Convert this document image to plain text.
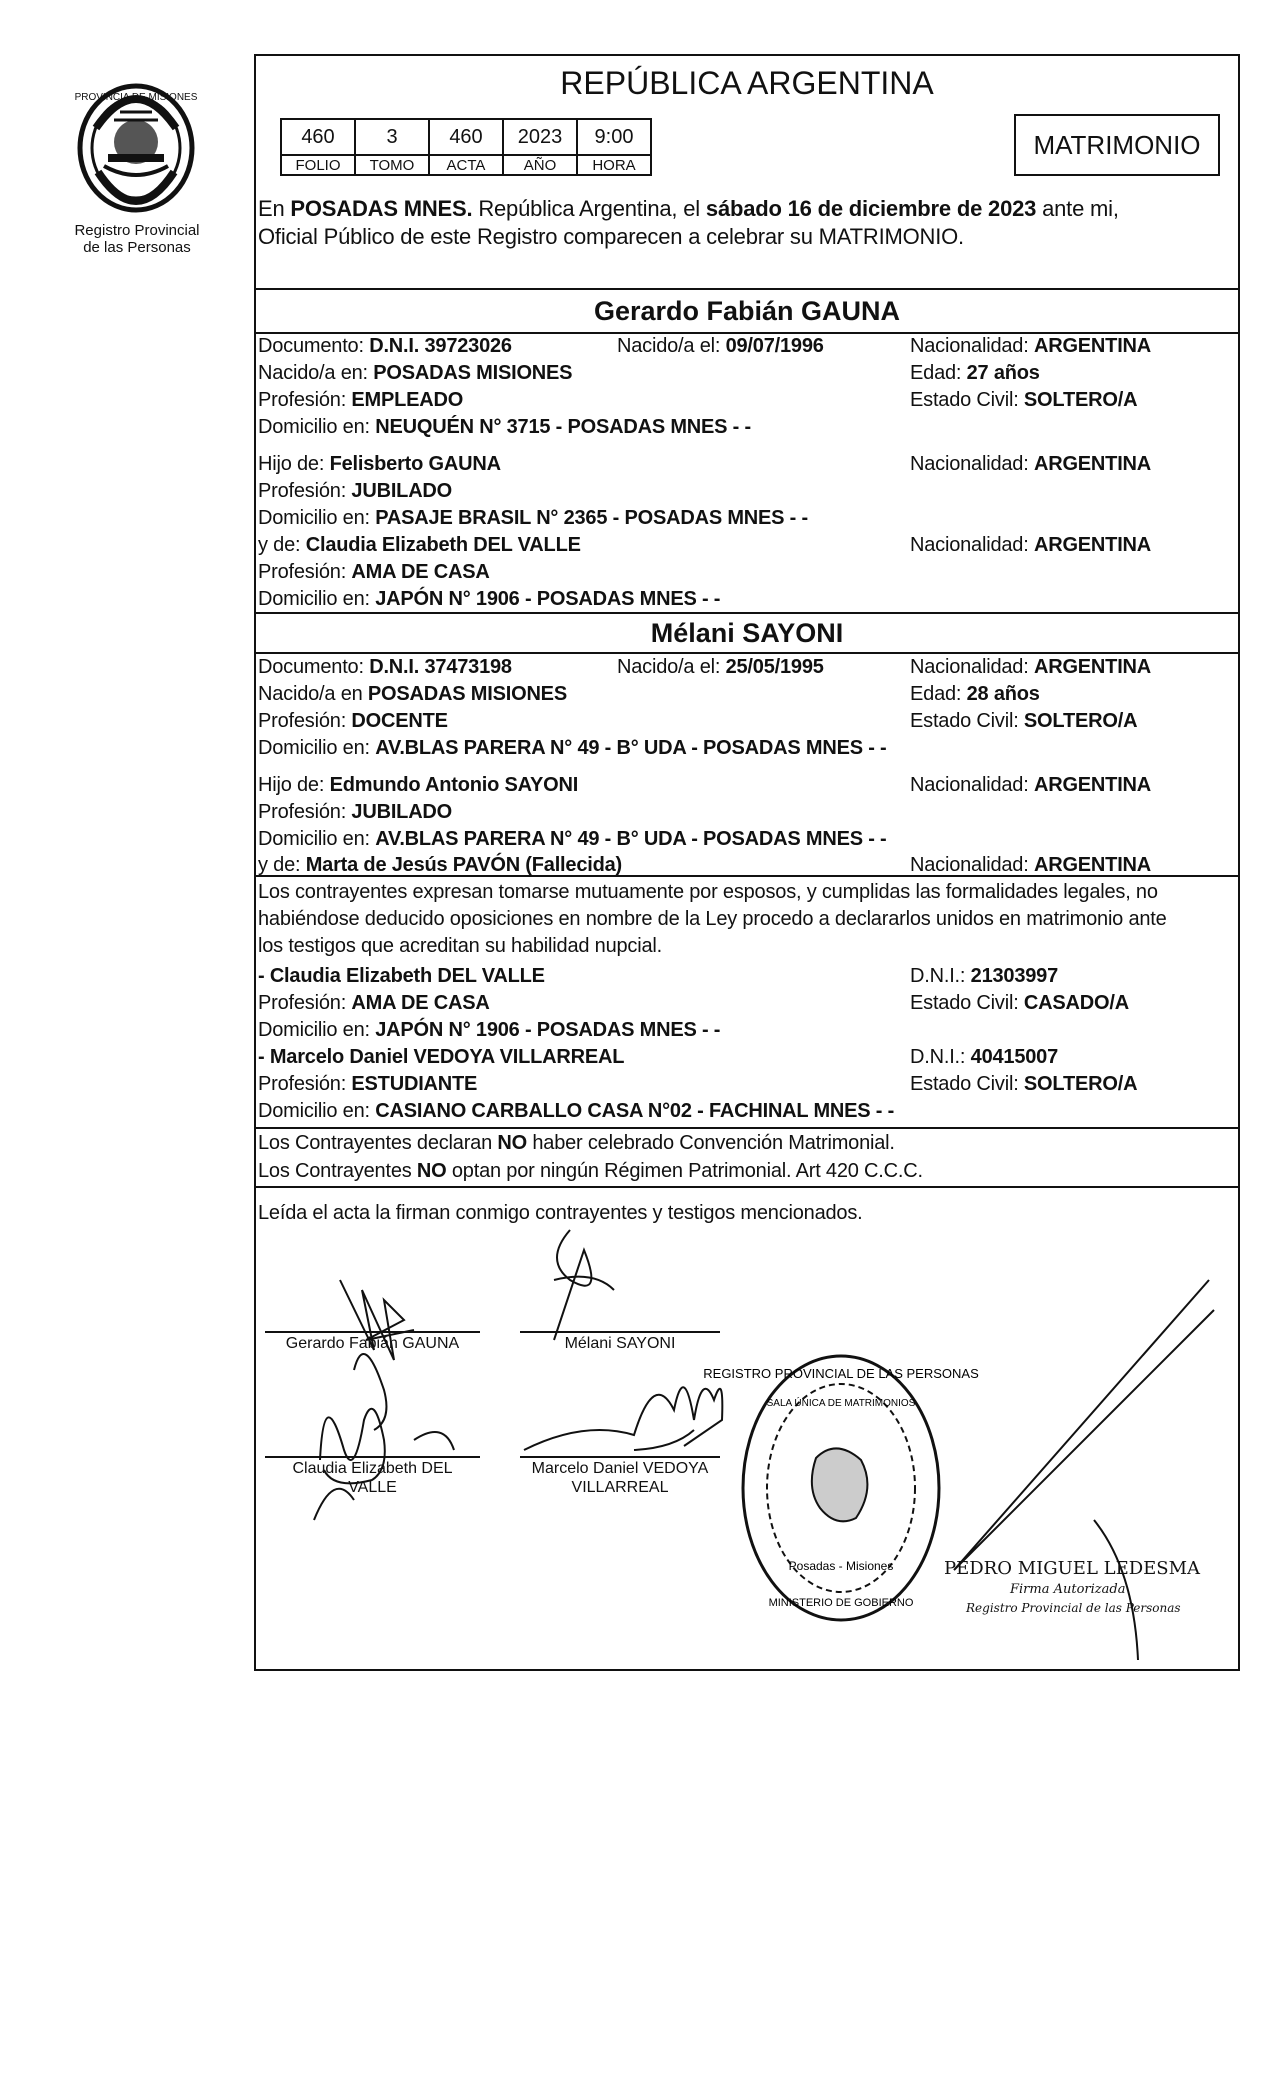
PROVINCIA DE MISIONES
Registro Provincial
de las Personas
REPÚBLICA ARGENTINA
460	3	460	2023	9:00
FOLIO	TOMO	ACTA	AÑO	HORA
MATRIMONIO
En POSADAS MNES. República Argentina, el sábado 16 de diciembre de 2023 ante mi,
Oficial Público de este Registro comparecen a celebrar su MATRIMONIO.
Gerardo Fabián GAUNA
Documento: D.N.I. 39723026	Nacido/a el: 09/07/1996	Nacionalidad: ARGENTINA
Nacido/a en: POSADAS MISIONES	Edad: 27 años
Profesión: EMPLEADO	Estado Civil: SOLTERO/A
Domicilio en: NEUQUÉN N° 3715 - POSADAS MNES - -
Hijo de: Felisberto GAUNA	Nacionalidad: ARGENTINA
Profesión: JUBILADO
Domicilio en: PASAJE BRASIL N° 2365 - POSADAS MNES - -
y de: Claudia Elizabeth DEL VALLE	Nacionalidad: ARGENTINA
Profesión: AMA DE CASA
Domicilio en: JAPÓN N° 1906 - POSADAS MNES - -
Mélani SAYONI
Documento: D.N.I. 37473198	Nacido/a el: 25/05/1995	Nacionalidad: ARGENTINA
Nacido/a en POSADAS MISIONES	Edad: 28 años
Profesión: DOCENTE	Estado Civil: SOLTERO/A
Domicilio en: AV.BLAS PARERA N° 49 - B° UDA - POSADAS MNES - -
Hijo de: Edmundo Antonio SAYONI	Nacionalidad: ARGENTINA
Profesión: JUBILADO
Domicilio en: AV.BLAS PARERA N° 49 - B° UDA - POSADAS MNES - -
y de: Marta de Jesús PAVÓN (Fallecida)	Nacionalidad: ARGENTINA
Los contrayentes expresan tomarse mutuamente por esposos, y cumplidas las formalidades legales, no
habiéndose deducido oposiciones en nombre de la Ley procedo a declararlos unidos en matrimonio ante
los testigos que acreditan su habilidad nupcial.
- Claudia Elizabeth DEL VALLE	D.N.I.: 21303997
Profesión: AMA DE CASA	Estado Civil: CASADO/A
Domicilio en: JAPÓN N° 1906 - POSADAS MNES - -
- Marcelo Daniel VEDOYA VILLARREAL	D.N.I.: 40415007
Profesión: ESTUDIANTE	Estado Civil: SOLTERO/A
Domicilio en: CASIANO CARBALLO CASA N°02 - FACHINAL MNES - -
Los Contrayentes declaran NO haber celebrado Convención Matrimonial.
Los Contrayentes NO optan por ningún Régimen Patrimonial. Art 420 C.C.C.
Leída el acta la firman conmigo contrayentes y testigos mencionados.
Gerardo Fabián GAUNA	Mélani SAYONI
Claudia Elizabeth DEL
VALLE
Marcelo Daniel VEDOYA
VILLARREAL
REGISTRO PROVINCIAL DE LAS PERSONAS
SALA ÚNICA DE MATRIMONIOS
Posadas - Misiones
MINISTERIO DE GOBIERNO
PEDRO MIGUEL LEDESMA
Firma Autorizada
Registro Provincial de las Personas
